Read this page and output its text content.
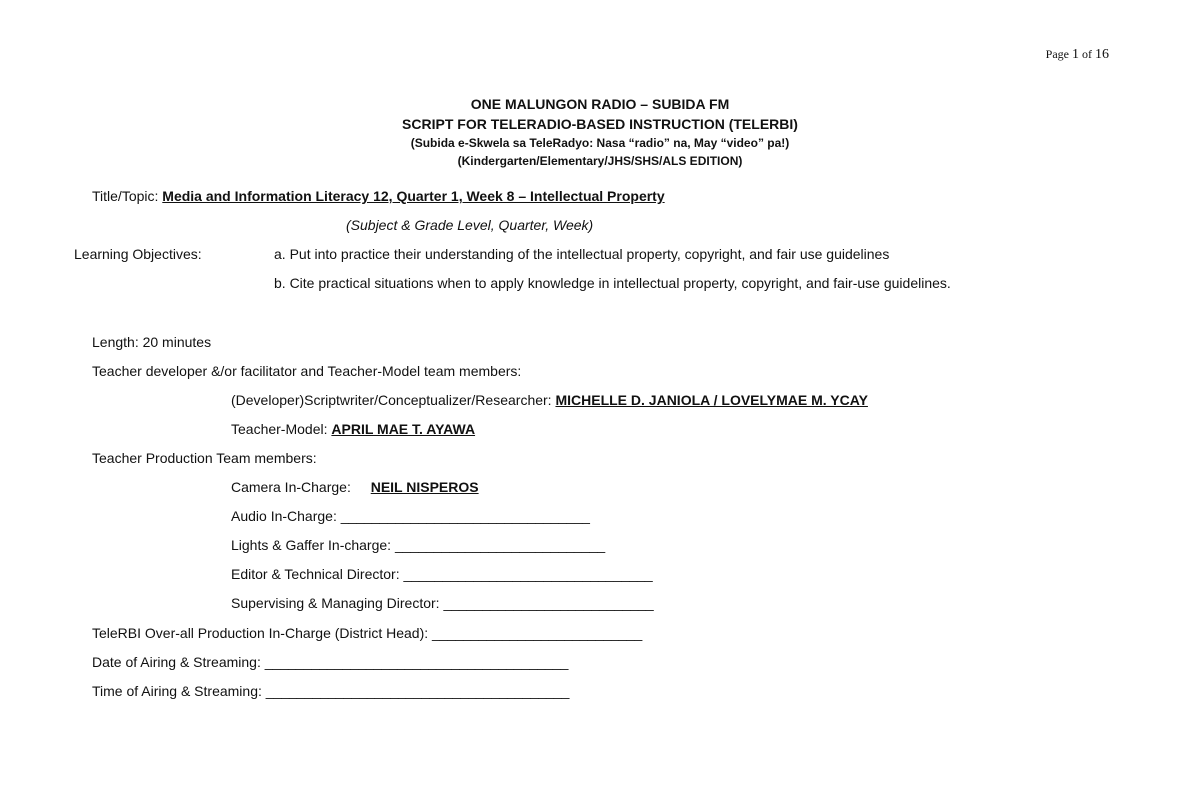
Page 1 of 16
ONE MALUNGON RADIO – SUBIDA FM
SCRIPT FOR TELERADIO-BASED INSTRUCTION (TELERBI)
(Subida e-Skwela sa TeleRadyo: Nasa “radio” na, May “video” pa!)
(Kindergarten/Elementary/JHS/SHS/ALS EDITION)
Title/Topic: Media and Information Literacy 12, Quarter 1, Week 8 – Intellectual Property
(Subject & Grade Level, Quarter, Week)
Learning Objectives:	a. Put into practice their understanding of the intellectual property, copyright, and fair use guidelines
b. Cite practical situations when to apply knowledge in intellectual property, copyright, and fair-use guidelines.
Length: 20 minutes
Teacher developer &/or facilitator and Teacher-Model team members:
(Developer)Scriptwriter/Conceptualizer/Researcher: MICHELLE D. JANIOLA / LOVELYMAE M. YCAY
Teacher-Model: APRIL MAE T. AYAWA
Teacher Production Team members:
Camera In-Charge: NEIL NISPEROS
Audio In-Charge: ________________________________
Lights & Gaffer In-charge: ___________________________
Editor & Technical Director: ________________________________
Supervising & Managing Director: ___________________________
TeleRBI Over-all Production In-Charge (District Head): ___________________________
Date of Airing & Streaming: _______________________________________
Time of Airing & Streaming: _______________________________________
